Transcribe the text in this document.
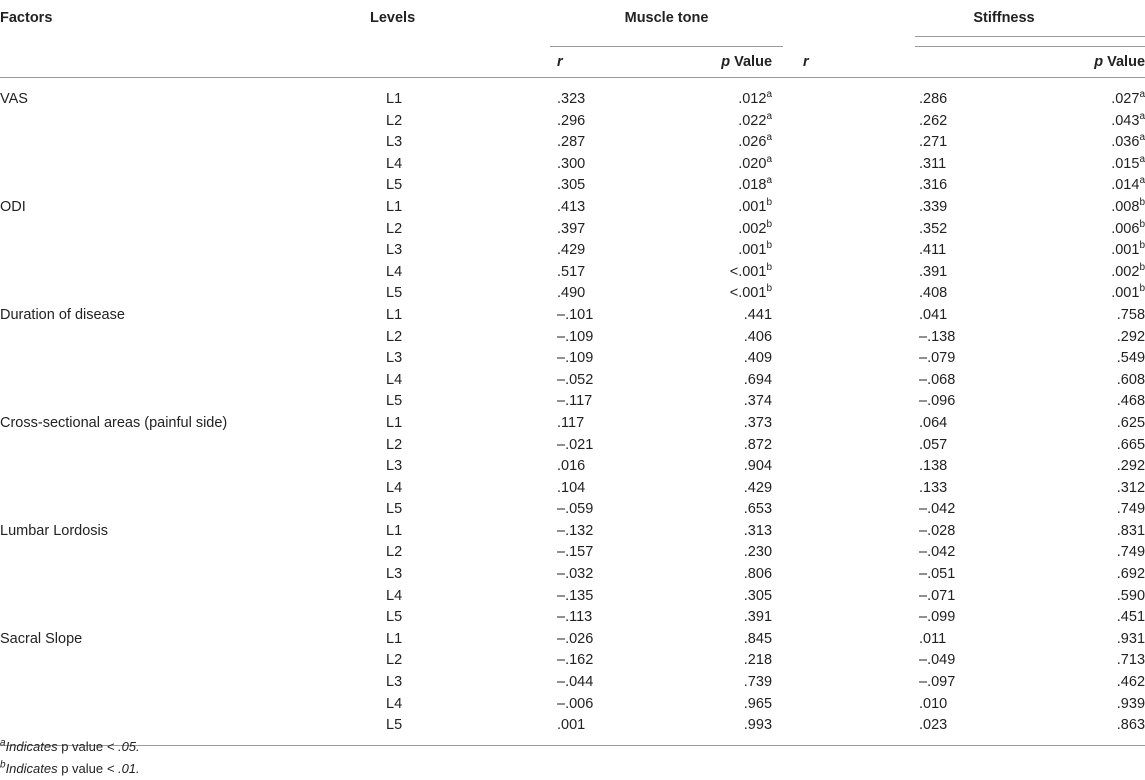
Factors	Levels	Muscle tone		Stiffness	
		r	p Value		r p Value
VAS	L1	.323	.012$^a$	.286	.027$^a$
	L2	.296	.022$^a$	.262	.043$^a$
	L3	.287	.026$^a$	.271	.036$^a$
	L4	.300	.020$^a$	.311	.015$^a$
	L5	.305	.018$^a$	.316	.014$^a$
ODI	L1	.413	.001$^b$	.339	.008$^b$
	L2	.397	.002$^b$	.352	.006$^b$
	L3	.429	.001$^b$	.411	.001$^b$
	L4	.517	<.001$^b$	.391	.002$^b$
	L5	.490	<.001$^b$	.408	.001$^b$
Duration of disease	L1	–.101	.441	.041	.758
	L2	–.109	.406	–.138	.292
	L3	–.109	.409	–.079	.549
	L4	–.052	.694	–.068	.608
	L5	–.117	.374	–.096	.468
Cross-sectional areas (painful side)	L1	.117	.373	.064	.625
	L2	–.021	.872	.057	.665
	L3	.016	.904	.138	.292
	L4	.104	.429	.133	.312
	L5	–.059	.653	–.042	.749
Lumbar Lordosis	L1	–.132	.313	–.028	.831
	L2	–.157	.230	–.042	.749
	L3	–.032	.806	–.051	.692
	L4	–.135	.305	–.071	.590
	L5	–.113	.391	–.099	.451
Sacral Slope	L1	–.026	.845	.011	.931
	L2	–.162	.218	–.049	.713
	L3	–.044	.739	–.097	.462
	L4	–.006	.965	.010	.939
	L5	.001	.993	.023	.863
$^a$Indicates p value < .05.
$^b$Indicates p value < .01.
